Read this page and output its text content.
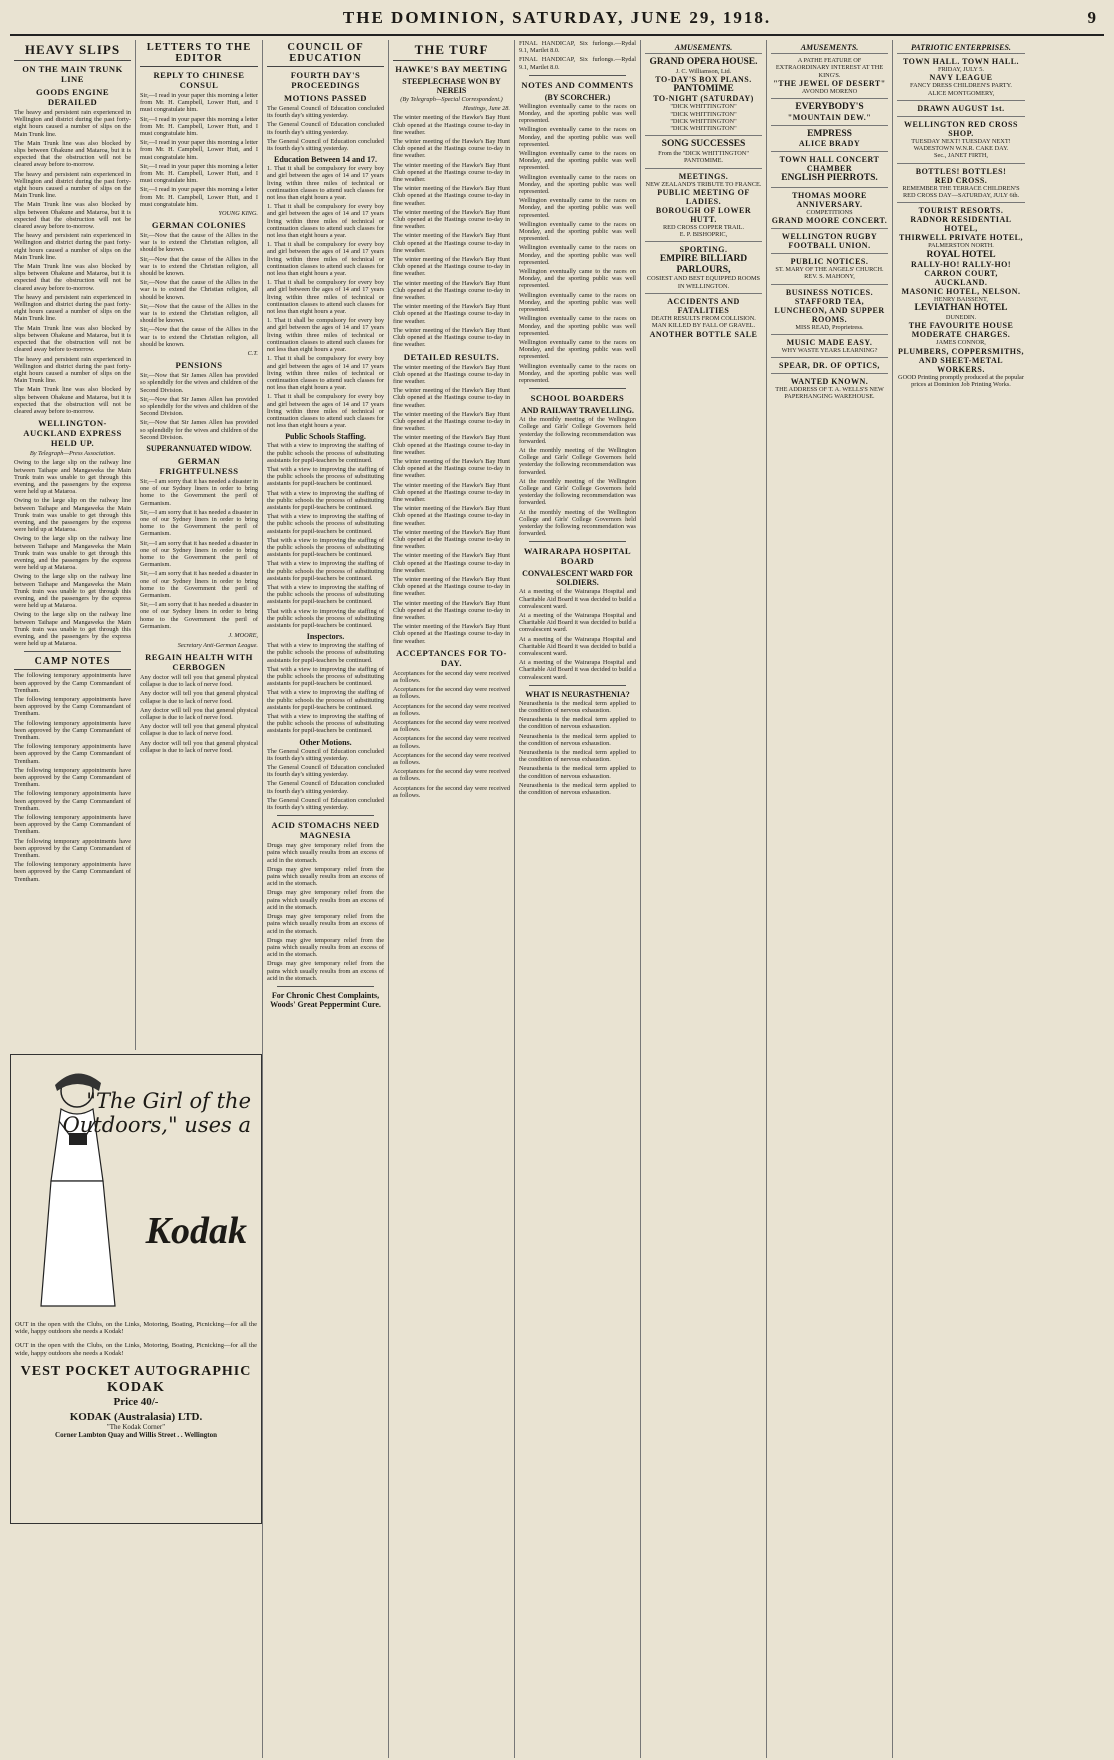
THE DOMINION, SATURDAY, JUNE 29, 1918.	9
HEAVY SLIPS
ON THE MAIN TRUNK LINE
GOODS ENGINE DERAILED

The heavy and persistent rain experienced in Wellington and district during the past forty-eight hours caused a number of slips on the Main Trunk line.

The Main Trunk line was also blocked by slips between Ohakune and Mataroa, but it is expected that the obstruction will not be cleared away before to-morrow.

The heavy and persistent rain experienced in Wellington and district during the past forty-eight hours caused a number of slips on the Main Trunk line.

The Main Trunk line was also blocked by slips between Ohakune and Mataroa, but it is expected that the obstruction will not be cleared away before to-morrow.

The heavy and persistent rain experienced in Wellington and district during the past forty-eight hours caused a number of slips on the Main Trunk line.

The Main Trunk line was also blocked by slips between Ohakune and Mataroa, but it is expected that the obstruction will not be cleared away before to-morrow.

The heavy and persistent rain experienced in Wellington and district during the past forty-eight hours caused a number of slips on the Main Trunk line.

The Main Trunk line was also blocked by slips between Ohakune and Mataroa, but it is expected that the obstruction will not be cleared away before to-morrow.

The heavy and persistent rain experienced in Wellington and district during the past forty-eight hours caused a number of slips on the Main Trunk line.

The Main Trunk line was also blocked by slips between Ohakune and Mataroa, but it is expected that the obstruction will not be cleared away before to-morrow.

WELLINGTON-AUCKLAND EXPRESS HELD UP.

By Telegraph—Press Association.

Owing to the large slip on the railway line between Taihape and Mangaweka the Main Trunk train was unable to get through this evening, and the passengers by the express were held up at Mataroa.

Owing to the large slip on the railway line between Taihape and Mangaweka the Main Trunk train was unable to get through this evening, and the passengers by the express were held up at Mataroa.

Owing to the large slip on the railway line between Taihape and Mangaweka the Main Trunk train was unable to get through this evening, and the passengers by the express were held up at Mataroa.

Owing to the large slip on the railway line between Taihape and Mangaweka the Main Trunk train was unable to get through this evening, and the passengers by the express were held up at Mataroa.

Owing to the large slip on the railway line between Taihape and Mangaweka the Main Trunk train was unable to get through this evening, and the passengers by the express were held up at Mataroa.

CAMP NOTES

The following temporary appointments have been approved by the Camp Commandant of Trentham.

The following temporary appointments have been approved by the Camp Commandant of Trentham.

The following temporary appointments have been approved by the Camp Commandant of Trentham.

The following temporary appointments have been approved by the Camp Commandant of Trentham.

The following temporary appointments have been approved by the Camp Commandant of Trentham.

The following temporary appointments have been approved by the Camp Commandant of Trentham.

The following temporary appointments have been approved by the Camp Commandant of Trentham.

The following temporary appointments have been approved by the Camp Commandant of Trentham.

The following temporary appointments have been approved by the Camp Commandant of Trentham.

LETTERS TO THE EDITOR
REPLY TO CHINESE CONSUL

Sir,—I read in your paper this morning a letter from Mr. H. Campbell, Lower Hutt, and I must congratulate him.

Sir,—I read in your paper this morning a letter from Mr. H. Campbell, Lower Hutt, and I must congratulate him.

Sir,—I read in your paper this morning a letter from Mr. H. Campbell, Lower Hutt, and I must congratulate him.

Sir,—I read in your paper this morning a letter from Mr. H. Campbell, Lower Hutt, and I must congratulate him.

Sir,—I read in your paper this morning a letter from Mr. H. Campbell, Lower Hutt, and I must congratulate him.

YOUNG KING.
GERMAN COLONIES

Sir,—Now that the cause of the Allies in the war is to extend the Christian religion, all should be known.

Sir,—Now that the cause of the Allies in the war is to extend the Christian religion, all should be known.

Sir,—Now that the cause of the Allies in the war is to extend the Christian religion, all should be known.

Sir,—Now that the cause of the Allies in the war is to extend the Christian religion, all should be known.

Sir,—Now that the cause of the Allies in the war is to extend the Christian religion, all should be known.

C.T.
PENSIONS

Sir,—Now that Sir James Allen has provided so splendidly for the wives and children of the Second Division.

Sir,—Now that Sir James Allen has provided so splendidly for the wives and children of the Second Division.

Sir,—Now that Sir James Allen has provided so splendidly for the wives and children of the Second Division.

SUPERANNUATED WIDOW.
GERMAN FRIGHTFULNESS

Sir,—I am sorry that it has needed a disaster in one of our Sydney liners in order to bring home to the Government the peril of Germanism.

Sir,—I am sorry that it has needed a disaster in one of our Sydney liners in order to bring home to the Government the peril of Germanism.

Sir,—I am sorry that it has needed a disaster in one of our Sydney liners in order to bring home to the Government the peril of Germanism.

Sir,—I am sorry that it has needed a disaster in one of our Sydney liners in order to bring home to the Government the peril of Germanism.

Sir,—I am sorry that it has needed a disaster in one of our Sydney liners in order to bring home to the Government the peril of Germanism.

J. MOORE,
Secretary Anti-German League.
REGAIN HEALTH WITH CERBOGEN

Any doctor will tell you that general physical collapse is due to lack of nerve food.

Any doctor will tell you that general physical collapse is due to lack of nerve food.

Any doctor will tell you that general physical collapse is due to lack of nerve food.

Any doctor will tell you that general physical collapse is due to lack of nerve food.

Any doctor will tell you that general physical collapse is due to lack of nerve food.

"The Girl of the Outdoors," uses a
Kodak

OUT in the open with the Clubs, on the Links, Motoring, Boating, Picnicking—for all the wide, happy outdoors she needs a Kodak!

OUT in the open with the Clubs, on the Links, Motoring, Boating, Picnicking—for all the wide, happy outdoors she needs a Kodak!

VEST POCKET AUTOGRAPHIC KODAK
Price 40/-
KODAK (Australasia) LTD.
"The Kodak Corner"
Corner Lambton Quay and Willis Street . . Wellington
COUNCIL OF EDUCATION
FOURTH DAY'S PROCEEDINGS
MOTIONS PASSED

The General Council of Education concluded its fourth day's sitting yesterday.

The General Council of Education concluded its fourth day's sitting yesterday.

The General Council of Education concluded its fourth day's sitting yesterday.

Education Between 14 and 17.

1. That it shall be compulsory for every boy and girl between the ages of 14 and 17 years living within three miles of technical or continuation classes to attend such classes for not less than eight hours a year.

1. That it shall be compulsory for every boy and girl between the ages of 14 and 17 years living within three miles of technical or continuation classes to attend such classes for not less than eight hours a year.

1. That it shall be compulsory for every boy and girl between the ages of 14 and 17 years living within three miles of technical or continuation classes to attend such classes for not less than eight hours a year.

1. That it shall be compulsory for every boy and girl between the ages of 14 and 17 years living within three miles of technical or continuation classes to attend such classes for not less than eight hours a year.

1. That it shall be compulsory for every boy and girl between the ages of 14 and 17 years living within three miles of technical or continuation classes to attend such classes for not less than eight hours a year.

1. That it shall be compulsory for every boy and girl between the ages of 14 and 17 years living within three miles of technical or continuation classes to attend such classes for not less than eight hours a year.

1. That it shall be compulsory for every boy and girl between the ages of 14 and 17 years living within three miles of technical or continuation classes to attend such classes for not less than eight hours a year.

Public Schools Staffing.

That with a view to improving the staffing of the public schools the process of substituting assistants for pupil-teachers be continued.

That with a view to improving the staffing of the public schools the process of substituting assistants for pupil-teachers be continued.

That with a view to improving the staffing of the public schools the process of substituting assistants for pupil-teachers be continued.

That with a view to improving the staffing of the public schools the process of substituting assistants for pupil-teachers be continued.

That with a view to improving the staffing of the public schools the process of substituting assistants for pupil-teachers be continued.

That with a view to improving the staffing of the public schools the process of substituting assistants for pupil-teachers be continued.

That with a view to improving the staffing of the public schools the process of substituting assistants for pupil-teachers be continued.

That with a view to improving the staffing of the public schools the process of substituting assistants for pupil-teachers be continued.

Inspectors.

That with a view to improving the staffing of the public schools the process of substituting assistants for pupil-teachers be continued.

That with a view to improving the staffing of the public schools the process of substituting assistants for pupil-teachers be continued.

That with a view to improving the staffing of the public schools the process of substituting assistants for pupil-teachers be continued.

That with a view to improving the staffing of the public schools the process of substituting assistants for pupil-teachers be continued.

Other Motions.

The General Council of Education concluded its fourth day's sitting yesterday.

The General Council of Education concluded its fourth day's sitting yesterday.

The General Council of Education concluded its fourth day's sitting yesterday.

The General Council of Education concluded its fourth day's sitting yesterday.

ACID STOMACHS NEED MAGNESIA

Drugs may give temporary relief from the pains which usually results from an excess of acid in the stomach.

Drugs may give temporary relief from the pains which usually results from an excess of acid in the stomach.

Drugs may give temporary relief from the pains which usually results from an excess of acid in the stomach.

Drugs may give temporary relief from the pains which usually results from an excess of acid in the stomach.

Drugs may give temporary relief from the pains which usually results from an excess of acid in the stomach.

Drugs may give temporary relief from the pains which usually results from an excess of acid in the stomach.

For Chronic Chest Complaints, Woods' Great Peppermint Cure.
THE TURF
HAWKE'S BAY MEETING
STEEPLECHASE WON BY NEREIS

(By Telegraph—Special Correspondent.)

Hastings, June 28.

The winter meeting of the Hawke's Bay Hunt Club opened at the Hastings course to-day in fine weather.

The winter meeting of the Hawke's Bay Hunt Club opened at the Hastings course to-day in fine weather.

The winter meeting of the Hawke's Bay Hunt Club opened at the Hastings course to-day in fine weather.

The winter meeting of the Hawke's Bay Hunt Club opened at the Hastings course to-day in fine weather.

The winter meeting of the Hawke's Bay Hunt Club opened at the Hastings course to-day in fine weather.

The winter meeting of the Hawke's Bay Hunt Club opened at the Hastings course to-day in fine weather.

The winter meeting of the Hawke's Bay Hunt Club opened at the Hastings course to-day in fine weather.

The winter meeting of the Hawke's Bay Hunt Club opened at the Hastings course to-day in fine weather.

The winter meeting of the Hawke's Bay Hunt Club opened at the Hastings course to-day in fine weather.

The winter meeting of the Hawke's Bay Hunt Club opened at the Hastings course to-day in fine weather.

DETAILED RESULTS.

The winter meeting of the Hawke's Bay Hunt Club opened at the Hastings course to-day in fine weather.

The winter meeting of the Hawke's Bay Hunt Club opened at the Hastings course to-day in fine weather.

The winter meeting of the Hawke's Bay Hunt Club opened at the Hastings course to-day in fine weather.

The winter meeting of the Hawke's Bay Hunt Club opened at the Hastings course to-day in fine weather.

The winter meeting of the Hawke's Bay Hunt Club opened at the Hastings course to-day in fine weather.

The winter meeting of the Hawke's Bay Hunt Club opened at the Hastings course to-day in fine weather.

The winter meeting of the Hawke's Bay Hunt Club opened at the Hastings course to-day in fine weather.

The winter meeting of the Hawke's Bay Hunt Club opened at the Hastings course to-day in fine weather.

The winter meeting of the Hawke's Bay Hunt Club opened at the Hastings course to-day in fine weather.

The winter meeting of the Hawke's Bay Hunt Club opened at the Hastings course to-day in fine weather.

The winter meeting of the Hawke's Bay Hunt Club opened at the Hastings course to-day in fine weather.

The winter meeting of the Hawke's Bay Hunt Club opened at the Hastings course to-day in fine weather.

ACCEPTANCES FOR TO-DAY.

Acceptances for the second day were received as follows.

Acceptances for the second day were received as follows.

Acceptances for the second day were received as follows.

Acceptances for the second day were received as follows.

Acceptances for the second day were received as follows.

Acceptances for the second day were received as follows.

Acceptances for the second day were received as follows.

Acceptances for the second day were received as follows.

FINAL HANDICAP, Six furlongs.—Rydal 9.1, Martlet 8.0.

FINAL HANDICAP, Six furlongs.—Rydal 9.1, Martlet 8.0.

NOTES AND COMMENTS
(BY SCORCHER.)

Wellington eventually came to the races on Monday, and the sporting public was well represented.

Wellington eventually came to the races on Monday, and the sporting public was well represented.

Wellington eventually came to the races on Monday, and the sporting public was well represented.

Wellington eventually came to the races on Monday, and the sporting public was well represented.

Wellington eventually came to the races on Monday, and the sporting public was well represented.

Wellington eventually came to the races on Monday, and the sporting public was well represented.

Wellington eventually came to the races on Monday, and the sporting public was well represented.

Wellington eventually came to the races on Monday, and the sporting public was well represented.

Wellington eventually came to the races on Monday, and the sporting public was well represented.

Wellington eventually came to the races on Monday, and the sporting public was well represented.

Wellington eventually came to the races on Monday, and the sporting public was well represented.

Wellington eventually came to the races on Monday, and the sporting public was well represented.

SCHOOL BOARDERS
AND RAILWAY TRAVELLING.

At the monthly meeting of the Wellington College and Girls' College Governors held yesterday the following recommendation was forwarded.

At the monthly meeting of the Wellington College and Girls' College Governors held yesterday the following recommendation was forwarded.

At the monthly meeting of the Wellington College and Girls' College Governors held yesterday the following recommendation was forwarded.

At the monthly meeting of the Wellington College and Girls' College Governors held yesterday the following recommendation was forwarded.

WAIRARAPA HOSPITAL BOARD
CONVALESCENT WARD FOR SOLDIERS.

At a meeting of the Wairarapa Hospital and Charitable Aid Board it was decided to build a convalescent ward.

At a meeting of the Wairarapa Hospital and Charitable Aid Board it was decided to build a convalescent ward.

At a meeting of the Wairarapa Hospital and Charitable Aid Board it was decided to build a convalescent ward.

At a meeting of the Wairarapa Hospital and Charitable Aid Board it was decided to build a convalescent ward.

WHAT IS NEURASTHENIA?

Neurasthenia is the medical term applied to the condition of nervous exhaustion.

Neurasthenia is the medical term applied to the condition of nervous exhaustion.

Neurasthenia is the medical term applied to the condition of nervous exhaustion.

Neurasthenia is the medical term applied to the condition of nervous exhaustion.

Neurasthenia is the medical term applied to the condition of nervous exhaustion.

Neurasthenia is the medical term applied to the condition of nervous exhaustion.

AMUSEMENTS.
GRAND OPERA HOUSE.
J. C. Williamson, Ltd.
TO-DAY'S BOX PLANS.
PANTOMIME
TO-NIGHT (SATURDAY)
"DICK WHITTINGTON"
"DICK WHITTINGTON"
"DICK WHITTINGTON"
"DICK WHITTINGTON"
SONG SUCCESSES
From the "DICK WHITTINGTON" PANTOMIME.
MEETINGS.
NEW ZEALAND'S TRIBUTE TO FRANCE.
PUBLIC MEETING OF LADIES.
BOROUGH OF LOWER HUTT.
RED CROSS COPPER TRAIL.
E. P. BISHOPRIC,
SPORTING.
EMPIRE BILLIARD PARLOURS,
COSIEST AND BEST EQUIPPED ROOMS IN WELLINGTON.
ACCIDENTS AND FATALITIES
DEATH RESULTS FROM COLLISION.
MAN KILLED BY FALL OF GRAVEL.
ANOTHER BOTTLE SALE
AMUSEMENTS.
A PATHE FEATURE OF EXTRAORDINARY INTEREST AT THE KING'S.
"THE JEWEL OF DESERT"
AVONDO MORENO
EVERYBODY'S
"MOUNTAIN DEW."
EMPRESS
ALICE BRADY
TOWN HALL CONCERT CHAMBER
ENGLISH PIERROTS.
THOMAS MOORE ANNIVERSARY.
COMPETITIONS
GRAND MOORE CONCERT.
WELLINGTON RUGBY FOOTBALL UNION.
PUBLIC NOTICES.
ST. MARY OF THE ANGELS' CHURCH.
REV. S. MAHONY,
BUSINESS NOTICES.
STAFFORD TEA, LUNCHEON, AND SUPPER ROOMS.
MISS READ, Proprietress.
MUSIC MADE EASY.
WHY WASTE YEARS LEARNING?
SPEAR, DR. OF OPTICS,
WANTED KNOWN.
THE ADDRESS OF T. A. WELLS'S NEW PAPERHANGING WAREHOUSE.
PATRIOTIC ENTERPRISES.
TOWN HALL. TOWN HALL.
FRIDAY, JULY 5.
NAVY LEAGUE
FANCY DRESS CHILDREN'S PARTY.
ALICE MONTGOMERY,
DRAWN AUGUST 1st.
WELLINGTON RED CROSS SHOP.
TUESDAY NEXT! TUESDAY NEXT!
WADESTOWN W.N.R. CAKE DAY.
Sec., JANET FIRTH,
BOTTLES! BOTTLES!
RED CROSS.
REMEMBER THE TERRACE CHILDREN'S RED CROSS DAY—SATURDAY, JULY 6th.
TOURIST RESORTS.
RADNOR RESIDENTIAL HOTEL,
THIRWELL PRIVATE HOTEL,
PALMERSTON NORTH.
ROYAL HOTEL
RALLY-HO! RALLY-HO!
CARRON COURT, AUCKLAND.
MASONIC HOTEL, NELSON.
HENRY BAISSENT,
LEVIATHAN HOTEL
DUNEDIN.
THE FAVOURITE HOUSE
MODERATE CHARGES.
JAMES CONNOR,
PLUMBERS, COPPERSMITHS, AND SHEET-METAL WORKERS.
GOOD Printing promptly produced at the popular prices at Dominion Job Printing Works.
